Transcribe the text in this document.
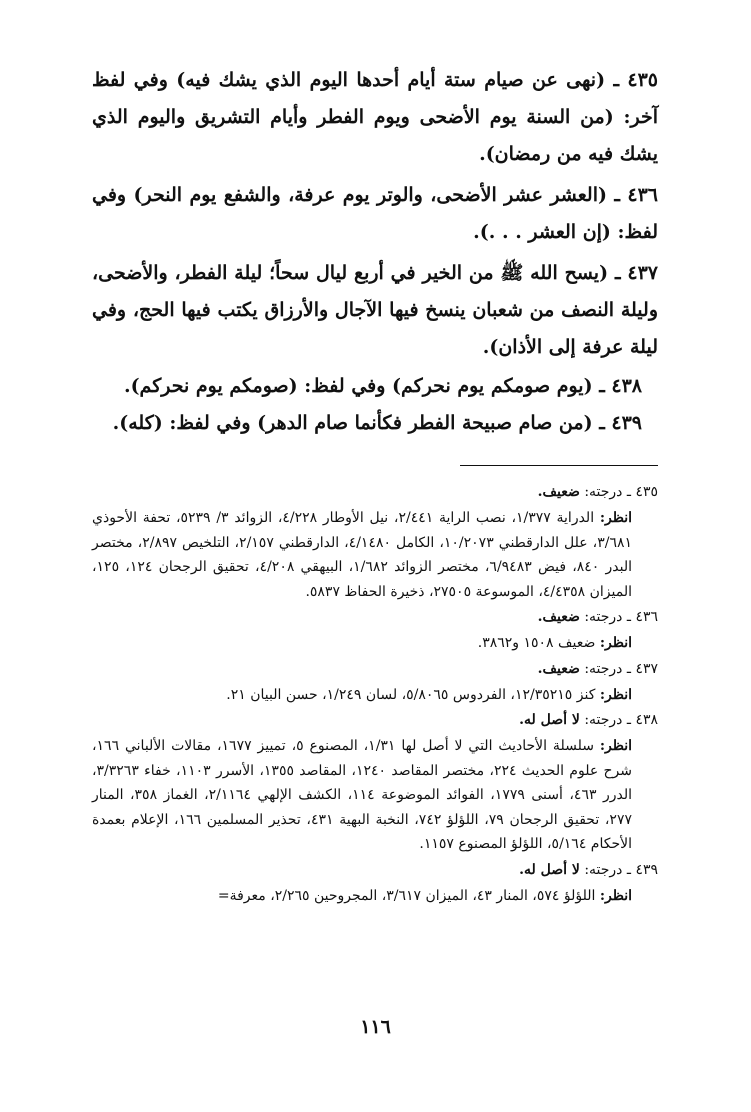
٤٣٥ ـ (نهى عن صيام ستة أيام أحدها اليوم الذي يشك فيه) وفي لفظ آخر: (من السنة يوم الأضحى ويوم الفطر وأيام التشريق واليوم الذي يشك فيه من رمضان).

٤٣٦ ـ (العشر عشر الأضحى، والوتر يوم عرفة، والشفع يوم النحر) وفي لفظ: (إن العشر . . .).

٤٣٧ ـ (يسح الله ﷺ من الخير في أربع ليال سحاً؛ ليلة الفطر، والأضحى، وليلة النصف من شعبان ينسخ فيها الآجال والأرزاق يكتب فيها الحج، وفي ليلة عرفة إلى الأذان).

٤٣٨ ـ (يوم صومكم يوم نحركم) وفي لفظ: (صومكم يوم نحركم).

٤٣٩ ـ (من صام صبيحة الفطر فكأنما صام الدهر) وفي لفظ: (كله).

٤٣٥ ـ درجته: ضعيف.

انظر: الدراية ١/٣٧٧، نصب الراية ٢/٤٤١، نيل الأوطار ٤/٢٢٨، الزوائد ٣/ ٥٢٣٩، تحفة الأحوذي ٣/٦٨١، علل الدارقطني ١٠/٢٠٧٣، الكامل ٤/١٤٨٠، الدارقطني ٢/١٥٧، التلخيص ٢/٨٩٧، مختصر البدر ٨٤٠، فيض ٦/٩٤٨٣، مختصر الزوائد ١/٦٨٢، البيهقي ٤/٢٠٨، تحقيق الرجحان ١٢٤، ١٢٥، الميزان ٤/٤٣٥٨، الموسوعة ٢٧٥٠٥، ذخيرة الحفاظ ٥٨٣٧.

٤٣٦ ـ درجته: ضعيف.

انظر: ضعيف ١٥٠٨ و٣٨٦٢.

٤٣٧ ـ درجته: ضعيف.

انظر: كنز ١٢/٣٥٢١٥، الفردوس ٥/٨٠٦٥، لسان ١/٢٤٩، حسن البيان ٢١.

٤٣٨ ـ درجته: لا أصل له.

انظر: سلسلة الأحاديث التي لا أصل لها ١/٣١، المصنوع ٥، تمييز ١٦٧٧، مقالات الألباني ١٦٦، شرح علوم الحديث ٢٢٤، مختصر المقاصد ١٢٤٠، المقاصد ١٣٥٥، الأسرر ١١٠٣، خفاء ٣/٣٢٦٣، الدرر ٤٦٣، أسنى ١٧٧٩، الفوائد الموضوعة ١١٤، الكشف الإلهي ٢/١١٦٤، الغماز ٣٥٨، المنار ٢٧٧، تحقيق الرجحان ٧٩، اللؤلؤ ٧٤٢، النخبة البهية ٤٣١، تحذير المسلمين ١٦٦، الإعلام بعمدة الأحكام ٥/١٦٤، اللؤلؤ المصنوع ١١٥٧.

٤٣٩ ـ درجته: لا أصل له.

انظر: اللؤلؤ ٥٧٤، المنار ٤٣، الميزان ٣/٦١٧، المجروحين ٢/٢٦٥، معرفة=

١١٦
